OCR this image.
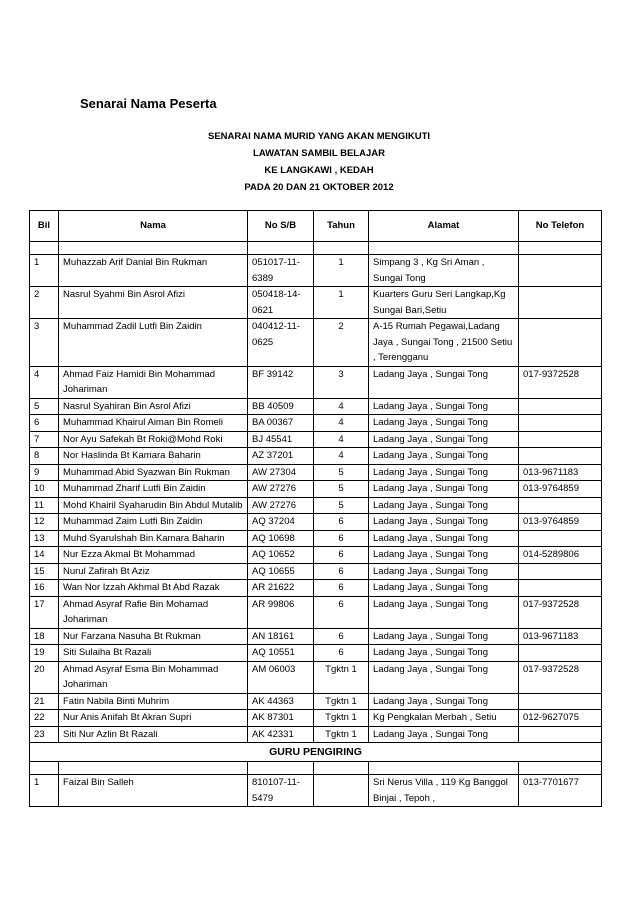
Senarai Nama Peserta
SENARAI NAMA MURID YANG AKAN MENGIKUTI
LAWATAN SAMBIL BELAJAR
KE LANGKAWI , KEDAH
PADA 20 DAN 21 OKTOBER 2012
Bil	Nama	No S/B	Tahun	Alamat	No Telefon

1	Muhazzab Arif Danial Bin Rukman	051017-11-6389	1	Simpang 3 , Kg Sri Aman , Sungai Tong	
2	Nasrul Syahmi Bin Asrol Afizi	050418-14-0621	1	Kuarters Guru Seri Langkap,Kg Sungai Bari,Setiu	
3	Muhammad Zadil Lutfi Bin Zaidin	040412-11-0625	2	A-15 Rumah Pegawai,Ladang Jaya , Sungai Tong , 21500 Setiu , Terengganu	
4	Ahmad Faiz Hamidi Bin Mohammad Johariman	BF 39142	3	Ladang Jaya , Sungai Tong	017-9372528
5	Nasrul Syahiran Bin Asrol Afizi	BB 40509	4	Ladang Jaya , Sungai Tong	
6	Muhammad Khairul Aiman Bin Romeli	BA 00367	4	Ladang Jaya , Sungai Tong	
7	Nor Ayu Safekah Bt Roki@Mohd Roki	BJ 45541	4	Ladang Jaya , Sungai Tong	
8	Nor Haslinda Bt Kamara Baharin	AZ 37201	4	Ladang Jaya , Sungai Tong	
9	Muhammad Abid Syazwan Bin Rukman	AW 27304	5	Ladang Jaya , Sungai Tong	013-9671183
10	Muhammad Zharif Lutfi Bin Zaidin	AW 27276	5	Ladang Jaya , Sungai Tong	013-9764859
11	Mohd Khairil Syaharudin Bin Abdul Mutalib	AW 27276	5	Ladang Jaya , Sungai Tong	
12	Muhammad Zaim Lutfi Bin Zaidin	AQ 37204	6	Ladang Jaya , Sungai Tong	013-9764859
13	Muhd Syarulshah Bin Kamara Baharin	AQ 10698	6	Ladang Jaya , Sungai Tong	
14	Nur Ezza Akmal Bt Mohammad	AQ 10652	6	Ladang Jaya , Sungai Tong	014-5289806
15	Nurul Zafirah Bt Aziz	AQ 10655	6	Ladang Jaya , Sungai Tong	
16	Wan Nor Izzah Akhmal Bt Abd Razak	AR 21622	6	Ladang Jaya , Sungai Tong	
17	Ahmad Asyraf Rafie Bin Mohamad Johariman	AR 99806	6	Ladang Jaya , Sungai Tong	017-9372528
18	Nur Farzana Nasuha Bt Rukman	AN 18161	6	Ladang Jaya , Sungai Tong	013-9671183
19	Siti Sulaiha Bt Razali	AQ 10551	6	Ladang Jaya , Sungai Tong	
20	Ahmad Asyraf Esma Bin Mohammad Johariman	AM 06003	Tgktn 1	Ladang Jaya , Sungai Tong	017-9372528
21	Fatin Nabila Binti Muhrim	AK 44363	Tgktn 1	Ladang Jaya , Sungai Tong	
22	Nur Anis Anifah Bt Akran Supri	AK 87301	Tgktn 1	Kg Pengkalan Merbah , Setiu	012-9627075
23	Siti Nur Azlin Bt Razali	AK 42331	Tgktn 1	Ladang Jaya , Sungai Tong	
GURU PENGIRING					

1	Faizal Bin Salleh	810107-11-5479		Sri Nerus Villa , 119 Kg Banggol Binjai , Tepoh ,	013-7701677
